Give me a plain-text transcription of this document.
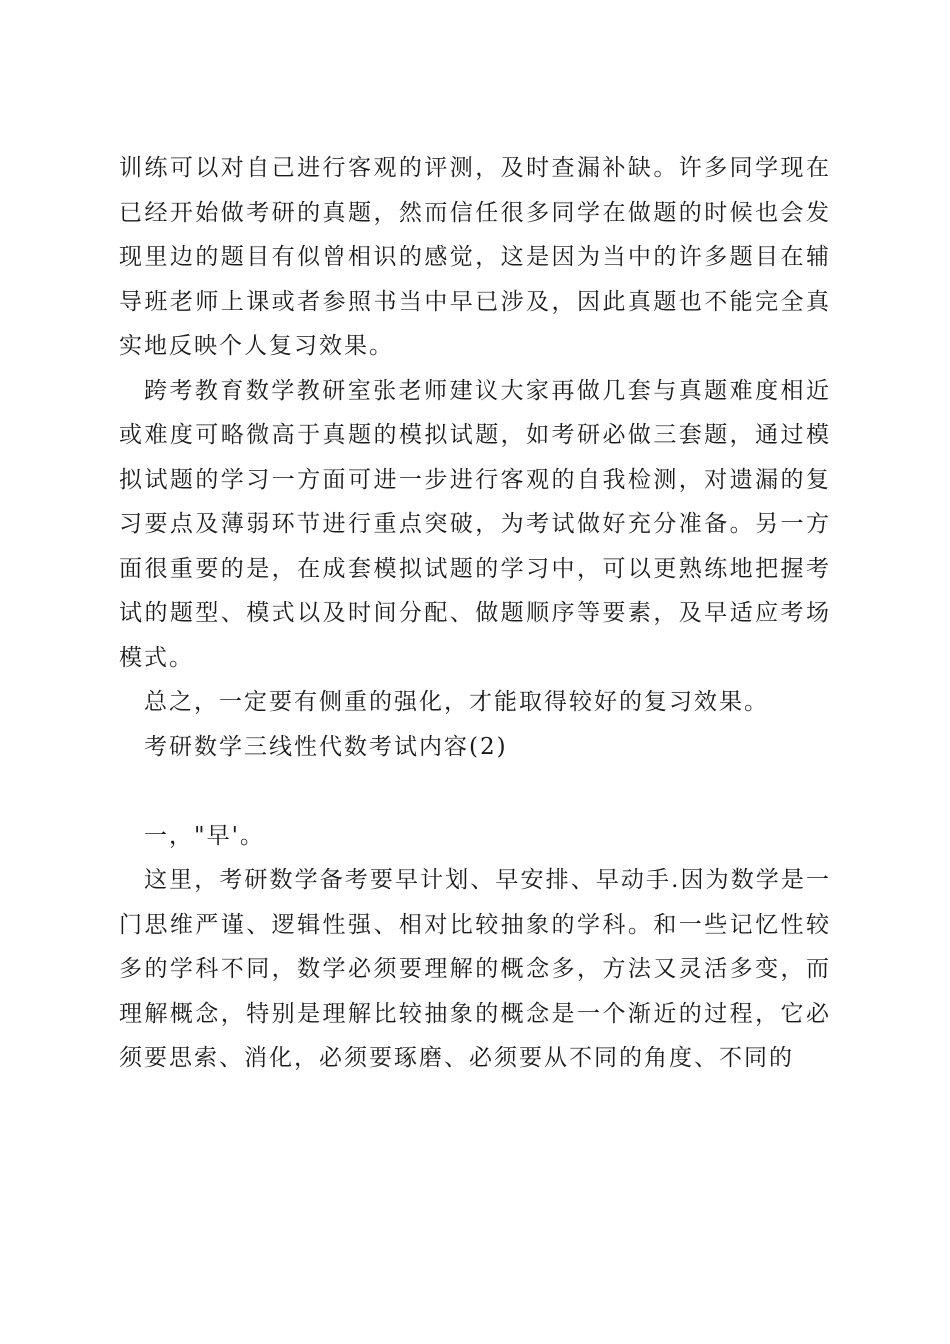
训练可以对自己进行客观的评测，及时查漏补缺。许多同学现在已经开始做考研的真题，然而信任很多同学在做题的时候也会发现里边的题目有似曾相识的感觉，这是因为当中的许多题目在辅导班老师上课或者参照书当中早已涉及，因此真题也不能完全真实地反映个人复习效果。

跨考教育数学教研室张老师建议大家再做几套与真题难度相近或难度可略微高于真题的模拟试题，如考研必做三套题，通过模拟试题的学习一方面可进一步进行客观的自我检测，对遗漏的复习要点及薄弱环节进行重点突破，为考试做好充分准备。另一方面很重要的是，在成套模拟试题的学习中，可以更熟练地把握考试的题型、模式以及时间分配、做题顺序等要素，及早适应考场模式。

总之，一定要有侧重的强化，才能取得较好的复习效果。

考研数学三线性代数考试内容(2)

一，"早'。

这里，考研数学备考要早计划、早安排、早动手.因为数学是一门思维严谨、逻辑性强、相对比较抽象的学科。和一些记忆性较多的学科不同，数学必须要理解的概念多，方法又灵活多变，而理解概念，特别是理解比较抽象的概念是一个渐近的过程，它必须要思索、消化，必须要琢磨、必须要从不同的角度、不同的
